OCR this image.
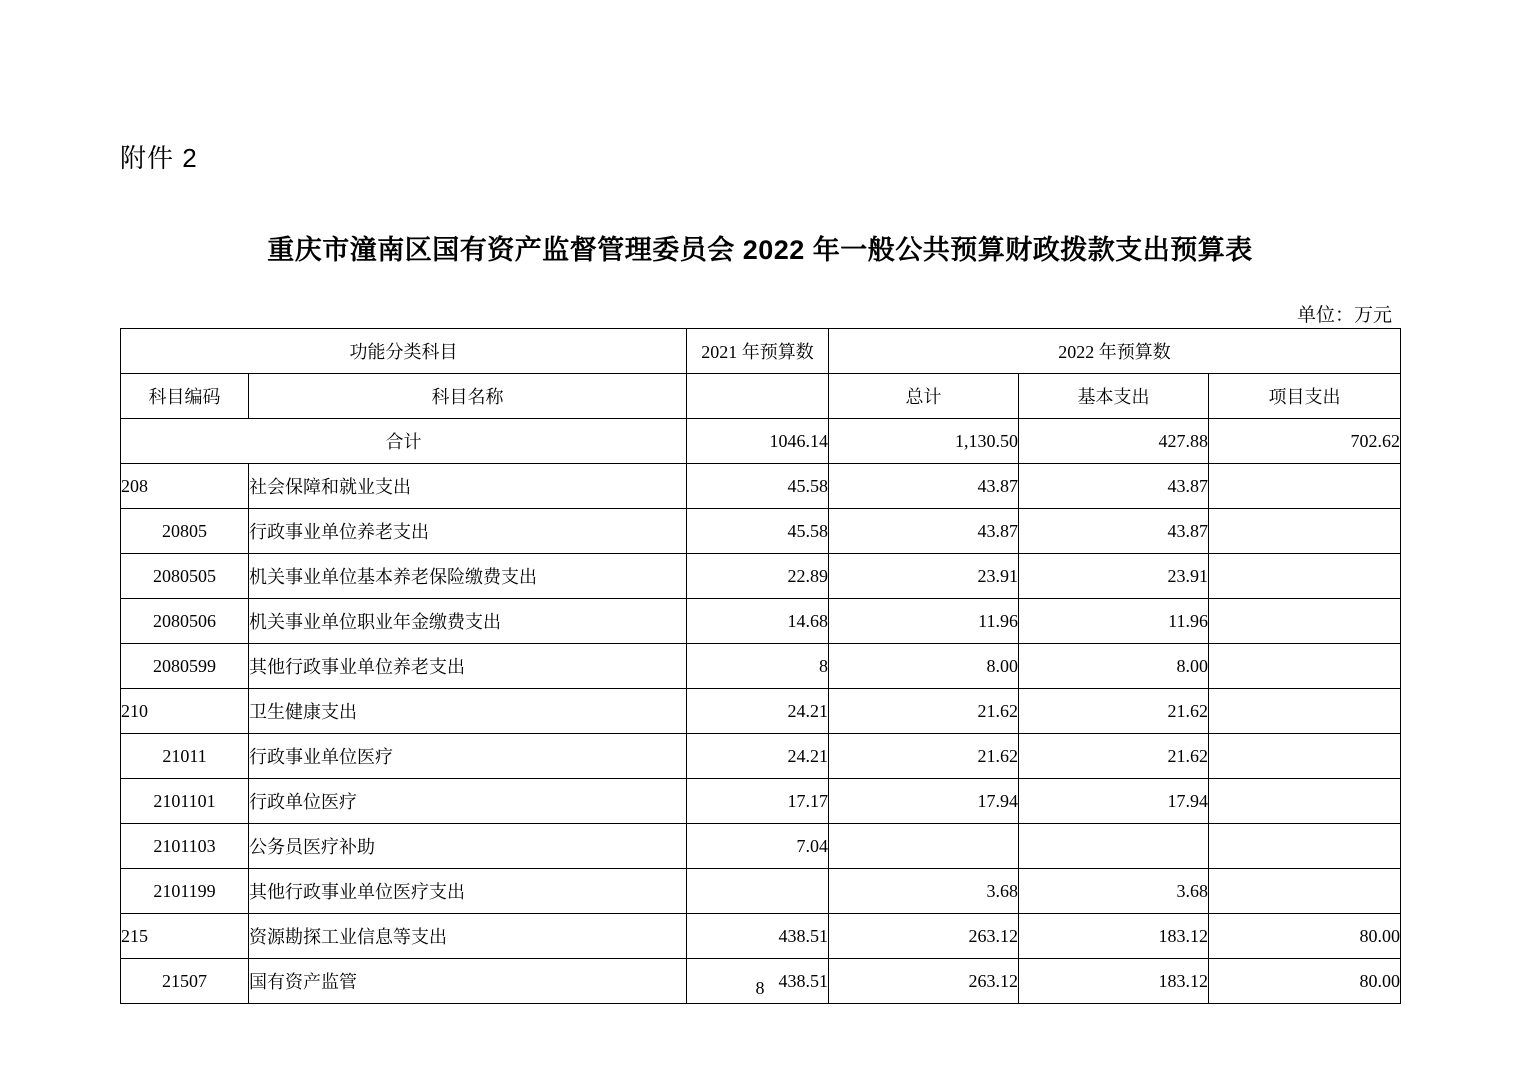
附件 2
重庆市潼南区国有资产监督管理委员会 2022 年一般公共预算财政拨款支出预算表
单位：万元
功能分类科目		2021 年预算数	2022 年预算数		
科目编码	科目名称		总计	基本支出	项目支出
合计		1046.14	1,130.50	427.88	702.62
208	社会保障和就业支出	45.58	43.87	43.87	
20805	行政事业单位养老支出	45.58	43.87	43.87	
2080505	机关事业单位基本养老保险缴费支出	22.89	23.91	23.91	
2080506	机关事业单位职业年金缴费支出	14.68	11.96	11.96	
2080599	其他行政事业单位养老支出	8	8.00	8.00	
210	卫生健康支出	24.21	21.62	21.62	
21011	行政事业单位医疗	24.21	21.62	21.62	
2101101	行政单位医疗	17.17	17.94	17.94	
2101103	公务员医疗补助	7.04			
2101199	其他行政事业单位医疗支出		3.68	3.68	
215	资源勘探工业信息等支出	438.51	263.12	183.12	80.00
21507	国有资产监管	438.51	263.12	183.12	80.00
8
